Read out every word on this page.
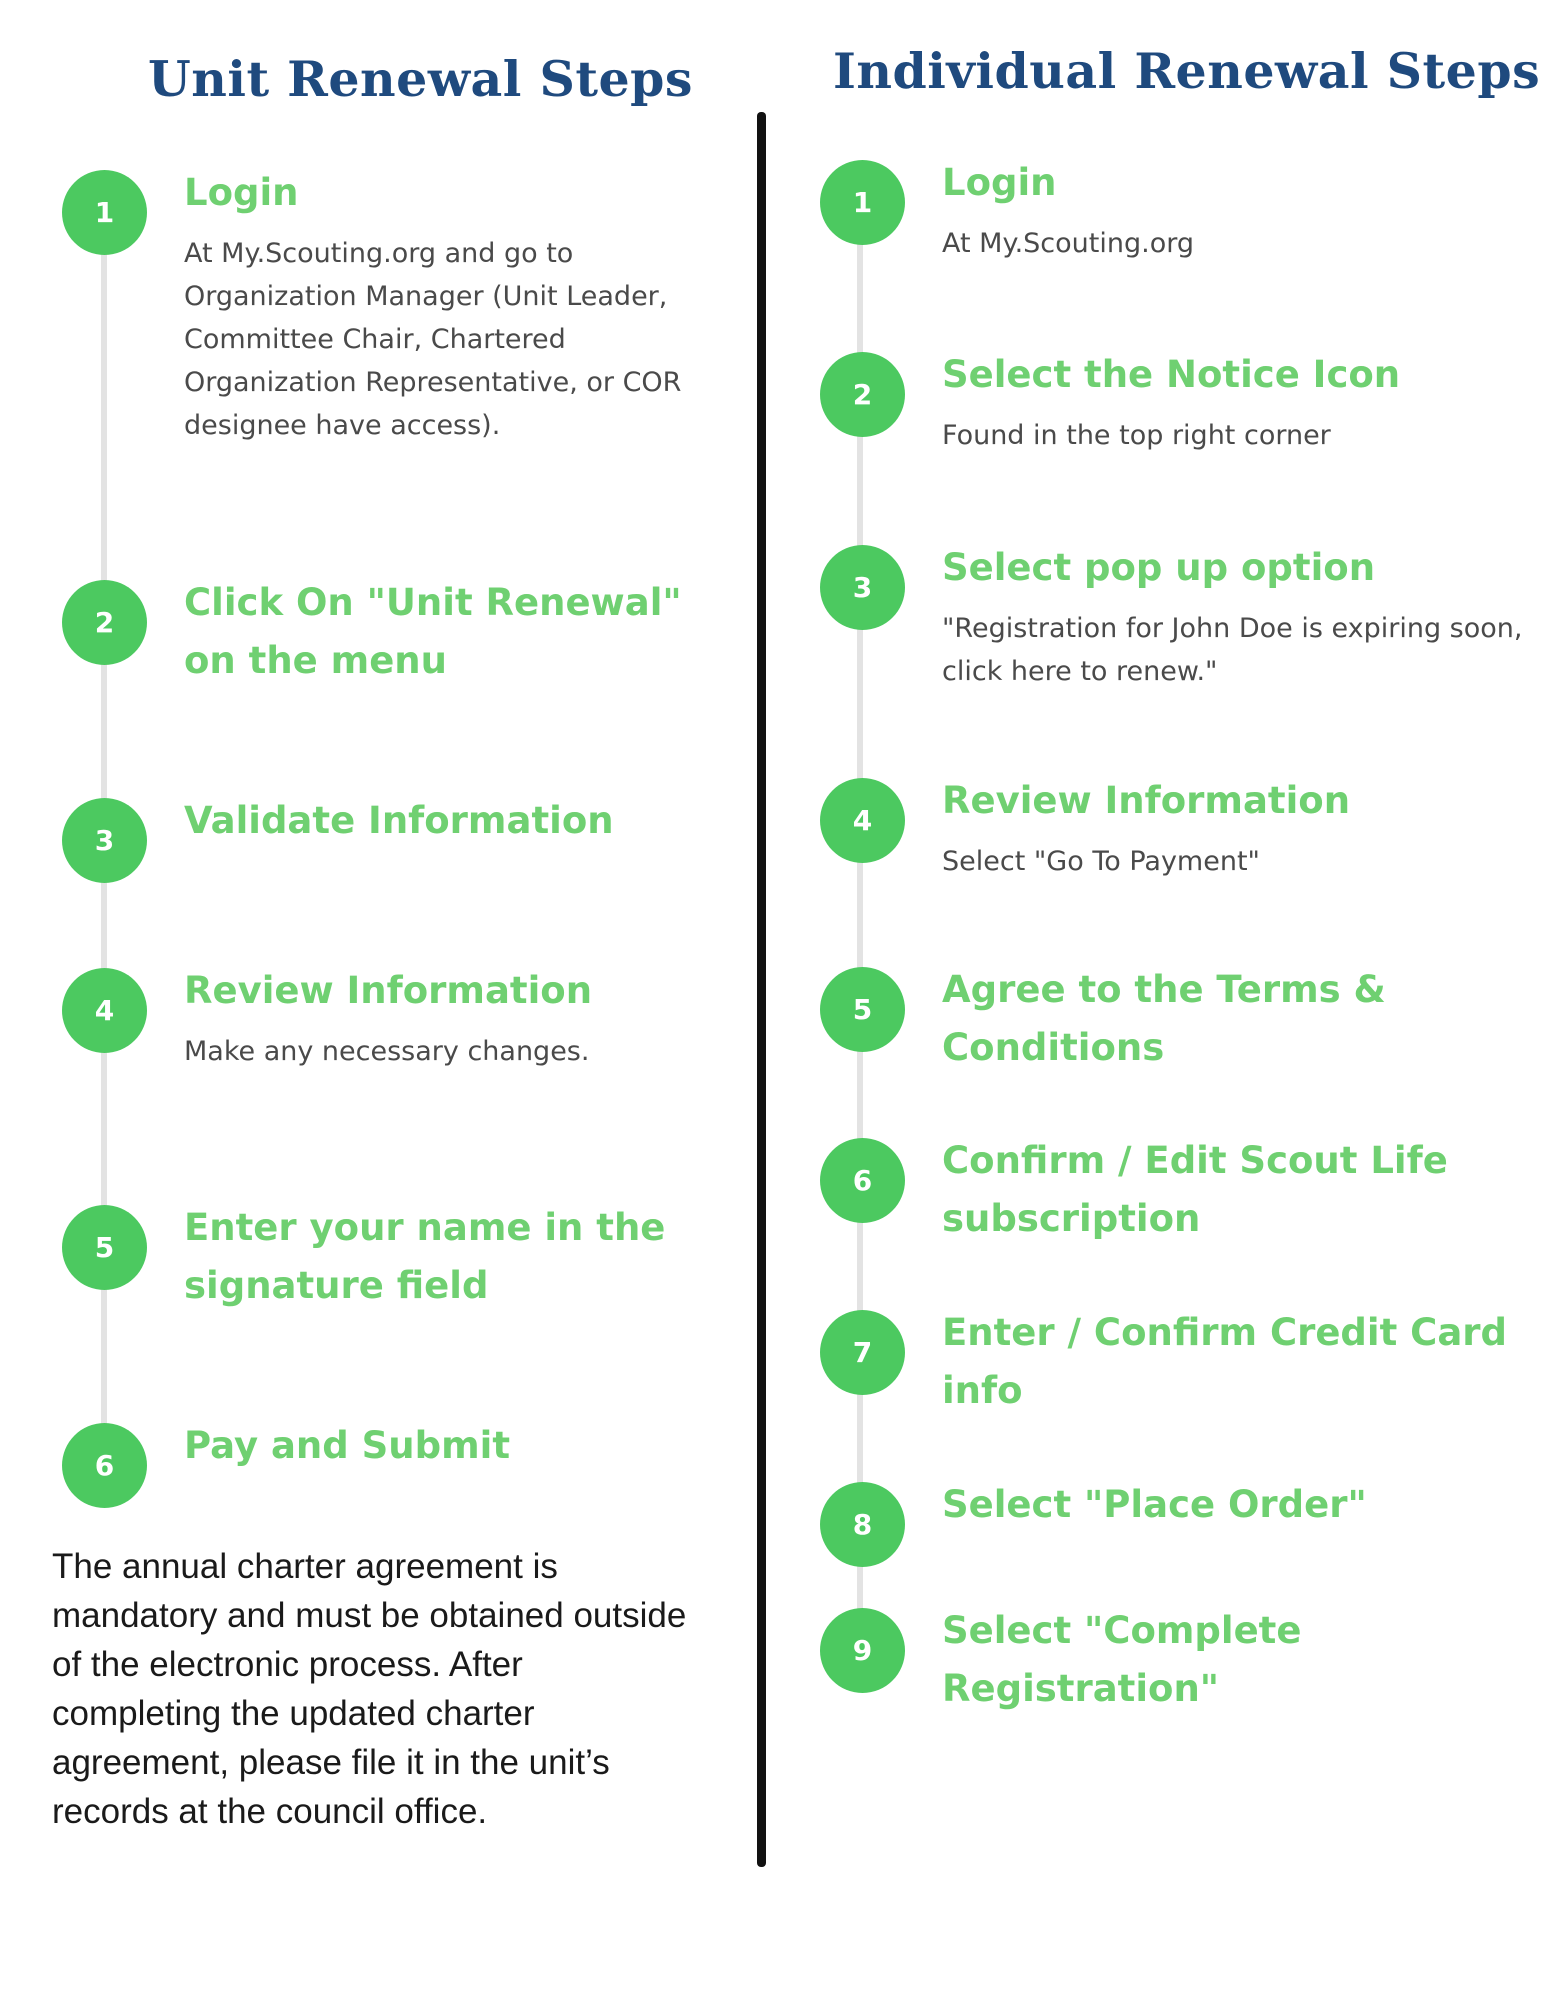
Unit Renewal Steps
1	Login

At My.Scouting.org and go to Organization Manager (Unit Leader, Committee Chair, Chartered Organization Representative, or COR designee have access).

2	Click On "Unit Renewal" on the menu

3	Validate Information

4	Review Information

Make any necessary changes.

5	Enter your name in the signature field

6	Pay and Submit

The annual charter agreement is mandatory and must be obtained outside of the electronic process. After completing the updated charter agreement, please file it in the unit’s records at the council office.

Individual Renewal Steps
1	Login

At My.Scouting.org

2	Select the Notice Icon

Found in the top right corner

3	Select pop up option

"Registration for John Doe is expiring soon, click here to renew."

4	Review Information

Select "Go To Payment"

5	Agree to the Terms & Conditions

6	Confirm / Edit Scout Life subscription

7	Enter / Confirm Credit Card info

8	Select "Place Order"

9	Select "Complete Registration"
